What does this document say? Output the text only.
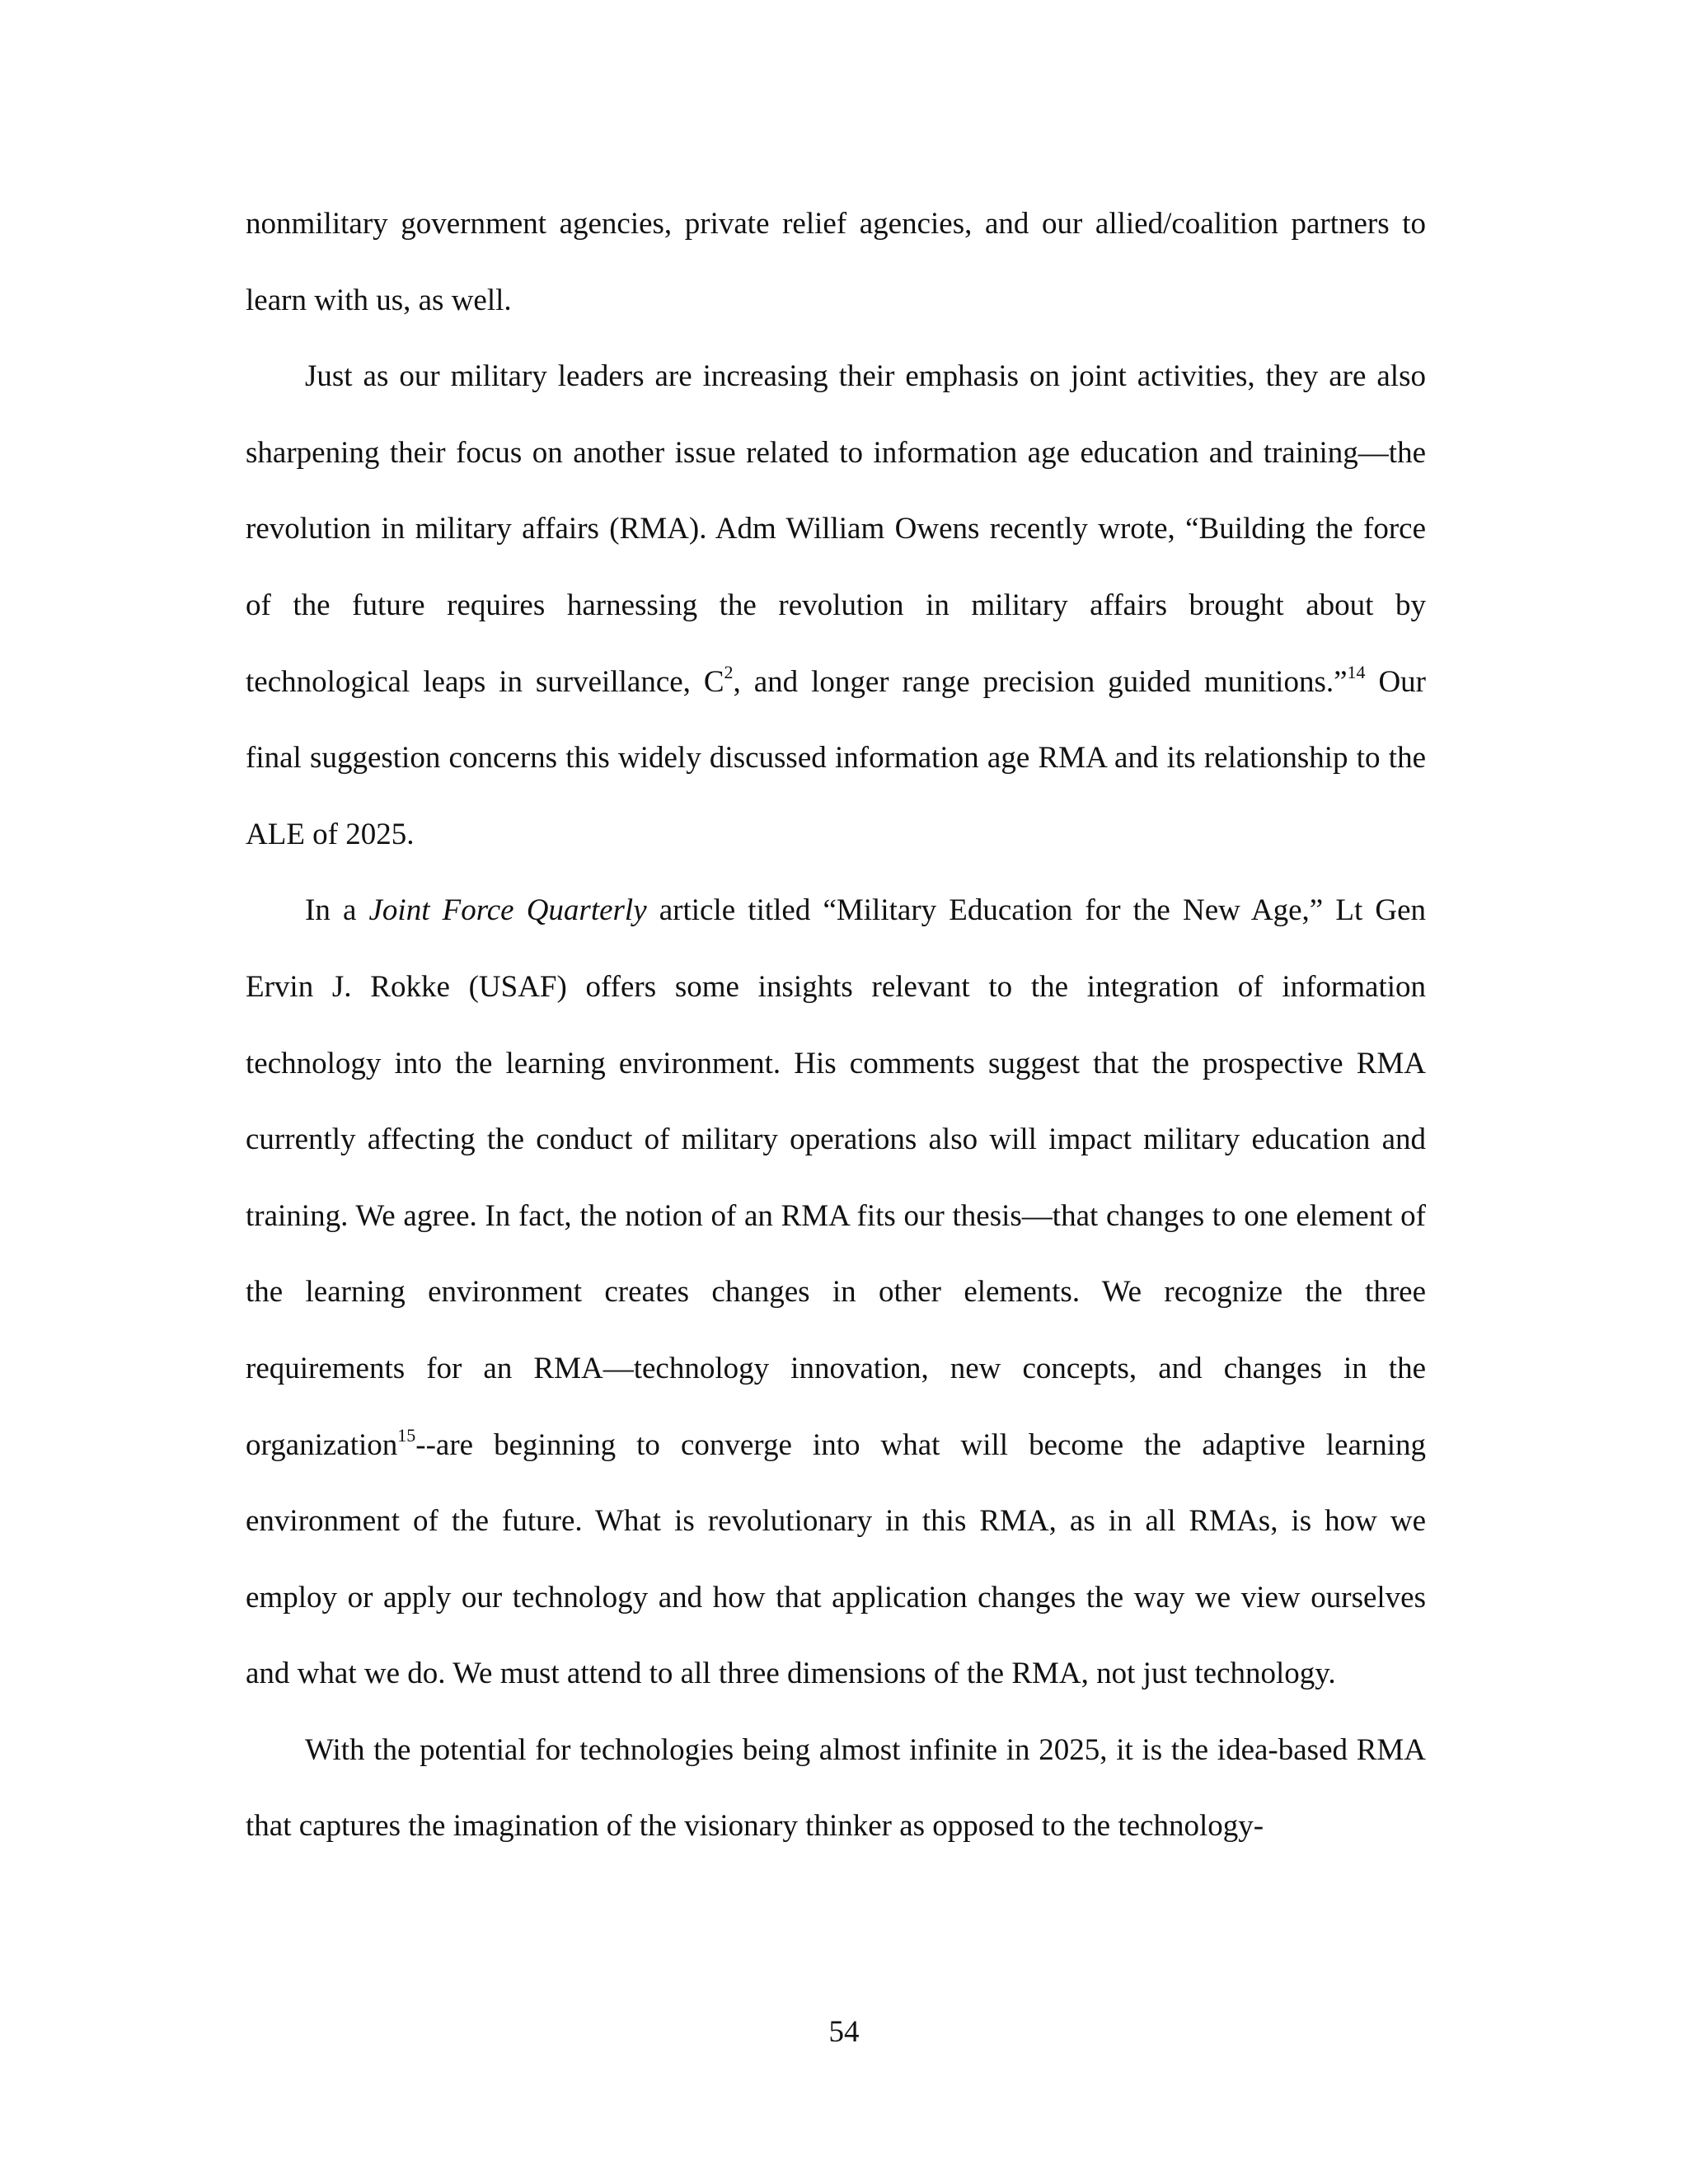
nonmilitary government agencies, private relief agencies, and our allied/coalition partners to learn with us, as well.

Just as our military leaders are increasing their emphasis on joint activities, they are also sharpening their focus on another issue related to information age education and training—the revolution in military affairs (RMA). Adm William Owens recently wrote, “Building the force of the future requires harnessing the revolution in military affairs brought about by technological leaps in surveillance, $C^2$, and longer range precision guided munitions.”$^{14}$ Our final suggestion concerns this widely discussed information age RMA and its relationship to the ALE of 2025.

In a Joint Force Quarterly article titled “Military Education for the New Age,” Lt Gen Ervin J. Rokke (USAF) offers some insights relevant to the integration of information technology into the learning environment. His comments suggest that the prospective RMA currently affecting the conduct of military operations also will impact military education and training. We agree. In fact, the notion of an RMA fits our thesis—that changes to one element of the learning environment creates changes in other elements. We recognize the three requirements for an RMA—technology innovation, new concepts, and changes in the organization$^{15}$--are beginning to converge into what will become the adaptive learning environment of the future. What is revolutionary in this RMA, as in all RMAs, is how we employ or apply our technology and how that application changes the way we view ourselves and what we do. We must attend to all three dimensions of the RMA, not just technology.

With the potential for technologies being almost infinite in 2025, it is the idea-based RMA that captures the imagination of the visionary thinker as opposed to the technology-

54
